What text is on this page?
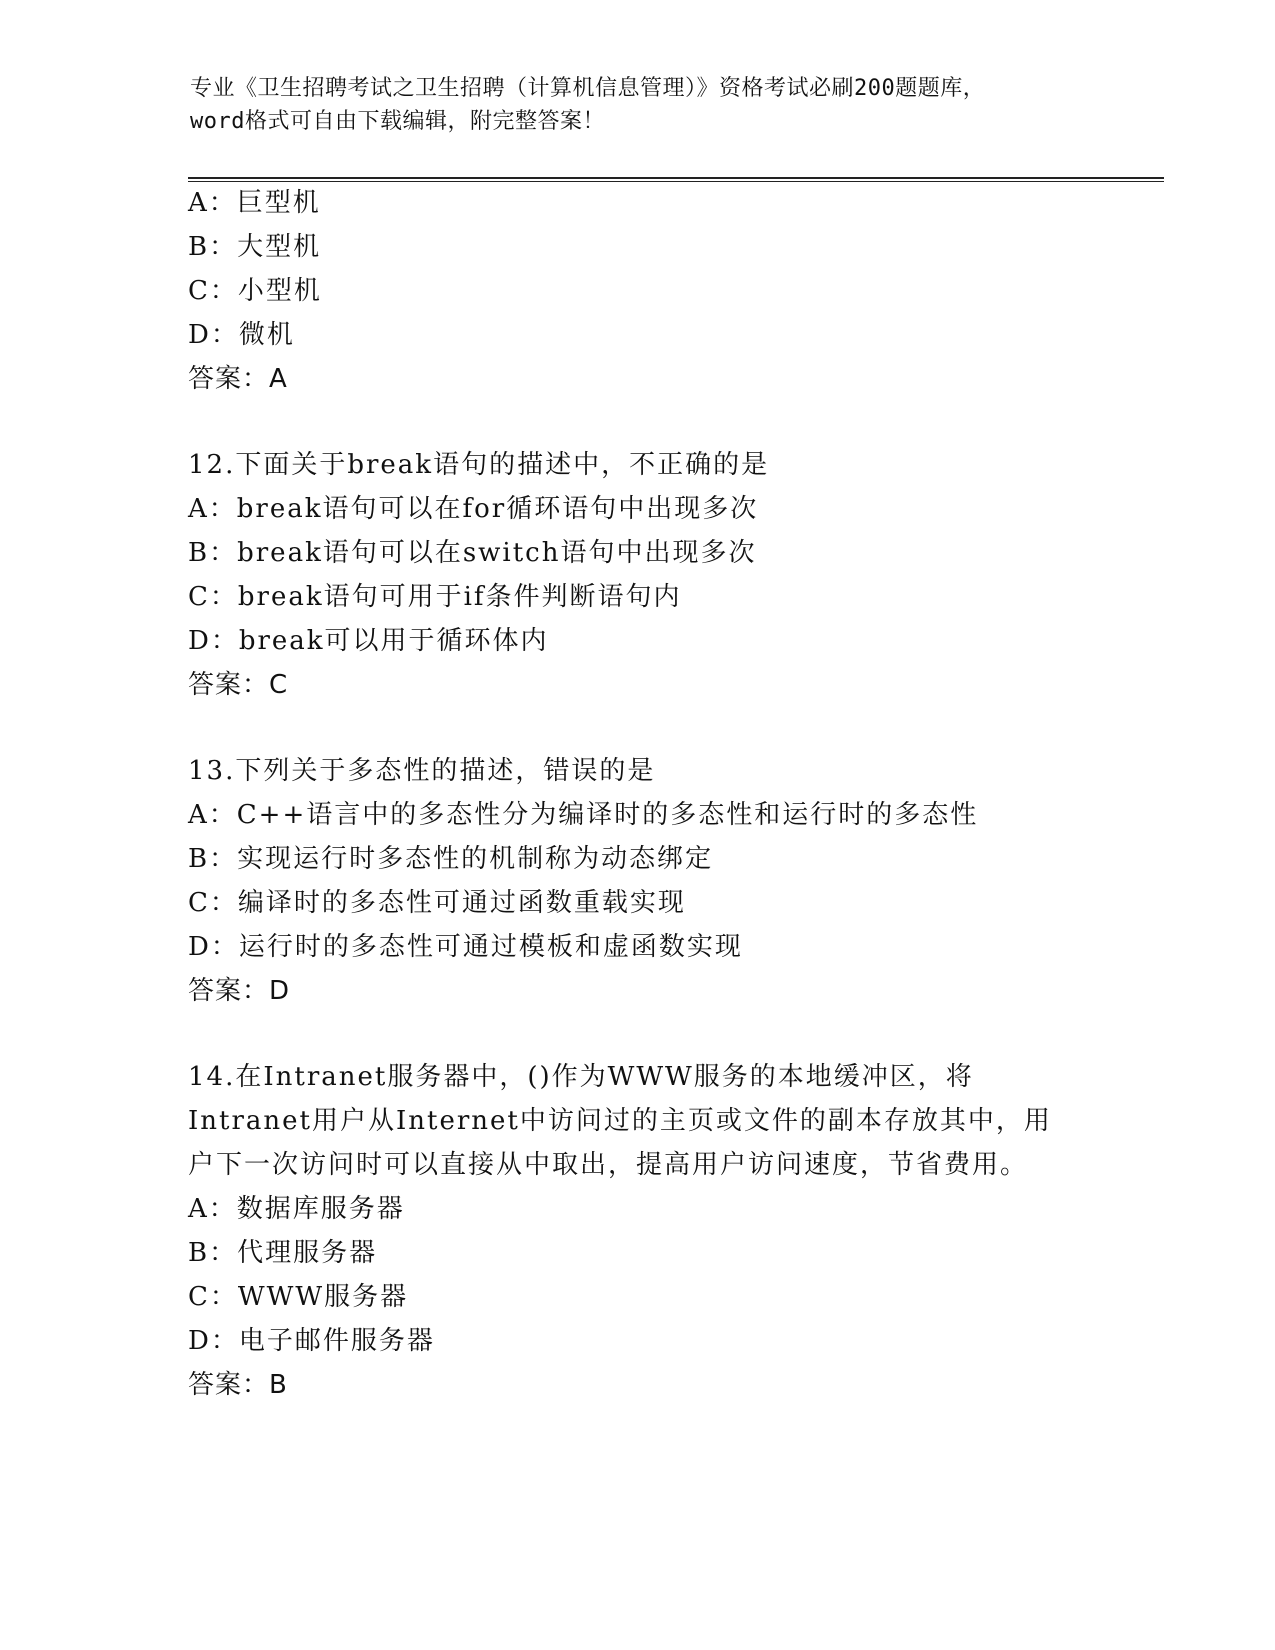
专业《卫生招聘考试之卫生招聘（计算机信息管理）》资格考试必刷200题题库，
word格式可自由下载编辑，附完整答案！
A：巨型机
B：大型机
C：小型机
D：微机
答案：A
12.下面关于break语句的描述中，不正确的是
A：break语句可以在for循环语句中出现多次
B：break语句可以在switch语句中出现多次
C：break语句可用于if条件判断语句内
D：break可以用于循环体内
答案：C
13.下列关于多态性的描述，错误的是
A：C++语言中的多态性分为编译时的多态性和运行时的多态性
B：实现运行时多态性的机制称为动态绑定
C：编译时的多态性可通过函数重载实现
D：运行时的多态性可通过模板和虚函数实现
答案：D
14.在Intranet服务器中，()作为WWW服务的本地缓冲区，将
Intranet用户从Internet中访问过的主页或文件的副本存放其中，用
户下一次访问时可以直接从中取出，提高用户访问速度，节省费用。
A：数据库服务器
B：代理服务器
C：WWW服务器
D：电子邮件服务器
答案：B
